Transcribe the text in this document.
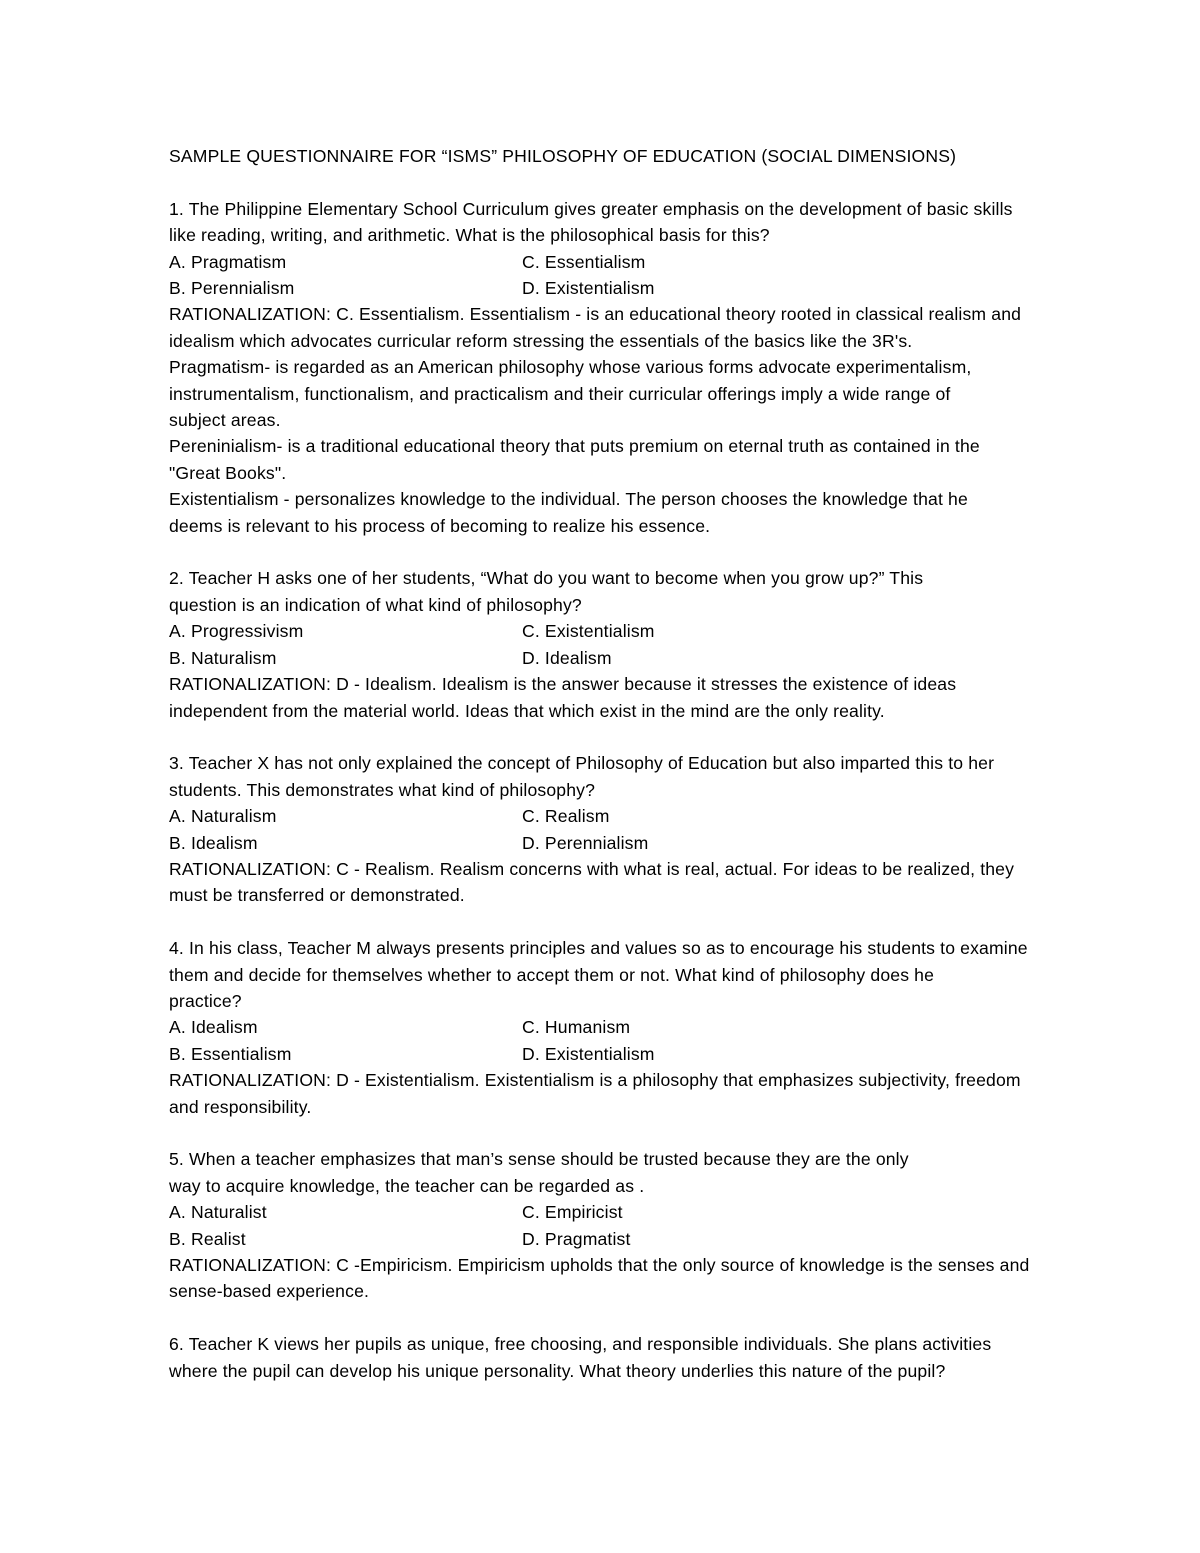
SAMPLE QUESTIONNAIRE FOR “ISMS” PHILOSOPHY OF EDUCATION (SOCIAL DIMENSIONS)
1. The Philippine Elementary School Curriculum gives greater emphasis on the development of basic skills
like reading, writing, and arithmetic. What is the philosophical basis for this?
A. Pragmatism	C. Essentialism
B. Perennialism	D. Existentialism
RATIONALIZATION: C. Essentialism. Essentialism - is an educational theory rooted in classical realism and
idealism which advocates curricular reform stressing the essentials of the basics like the 3R's.
Pragmatism- is regarded as an American philosophy whose various forms advocate experimentalism,
instrumentalism, functionalism, and practicalism and their curricular offerings imply a wide range of
subject areas.
Pereninialism- is a traditional educational theory that puts premium on eternal truth as contained in the
"Great Books".
Existentialism - personalizes knowledge to the individual. The person chooses the knowledge that he
deems is relevant to his process of becoming to realize his essence.
2. Teacher H asks one of her students, “What do you want to become when you grow up?” This
question is an indication of what kind of philosophy?
A. Progressivism	C. Existentialism
B. Naturalism	D. Idealism
RATIONALIZATION: D - Idealism. Idealism is the answer because it stresses the existence of ideas
independent from the material world. Ideas that which exist in the mind are the only reality.
3. Teacher X has not only explained the concept of Philosophy of Education but also imparted this to her
students. This demonstrates what kind of philosophy?
A. Naturalism	C. Realism
B. Idealism	D. Perennialism
RATIONALIZATION: C - Realism. Realism concerns with what is real, actual. For ideas to be realized, they
must be transferred or demonstrated.
4. In his class, Teacher M always presents principles and values so as to encourage his students to examine
them and decide for themselves whether to accept them or not. What kind of philosophy does he
practice?
A. Idealism	C. Humanism
B. Essentialism	D. Existentialism
RATIONALIZATION: D - Existentialism. Existentialism is a philosophy that emphasizes subjectivity, freedom
and responsibility.
5. When a teacher emphasizes that man’s sense should be trusted because they are the only
way to acquire knowledge, the teacher can be regarded as .
A. Naturalist	C. Empiricist
B. Realist	D. Pragmatist
RATIONALIZATION: C -Empiricism. Empiricism upholds that the only source of knowledge is the senses and
sense-based experience.
6. Teacher K views her pupils as unique, free choosing, and responsible individuals. She plans activities
where the pupil can develop his unique personality. What theory underlies this nature of the pupil?
